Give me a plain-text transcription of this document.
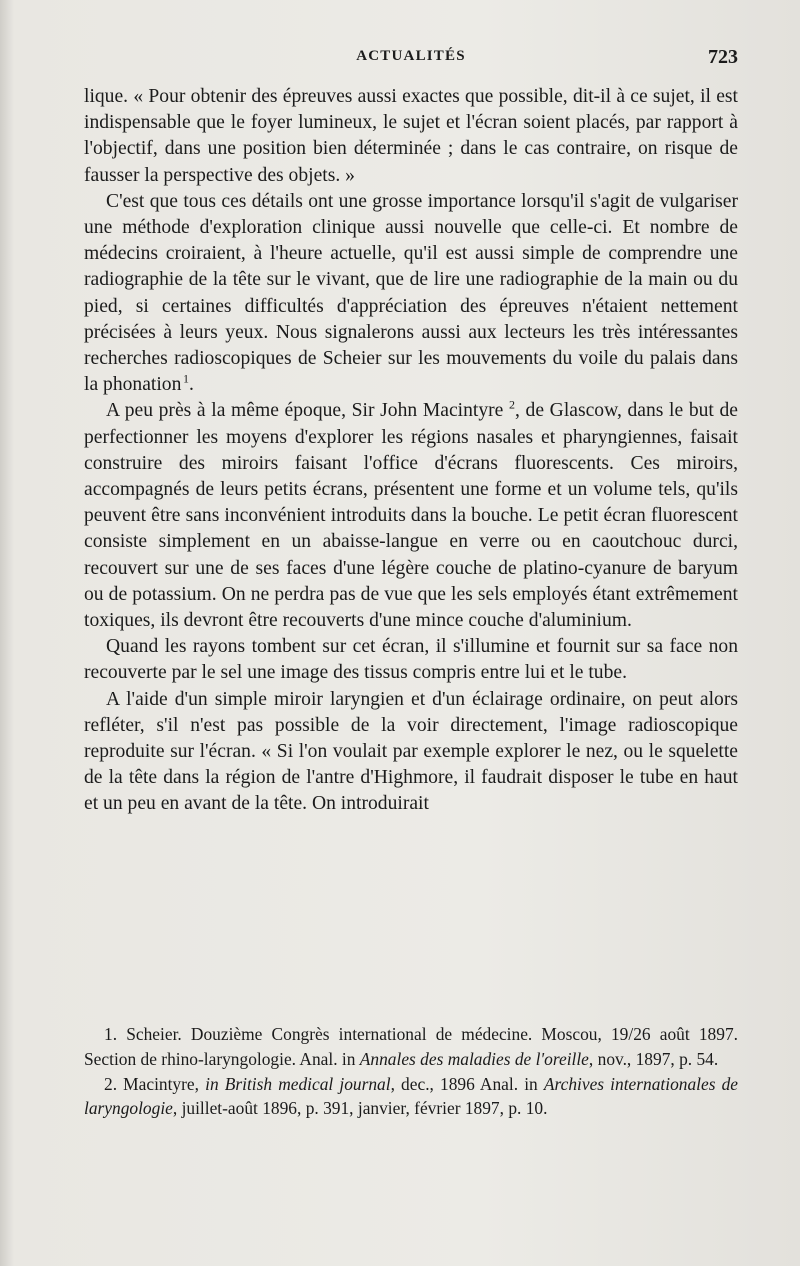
ACTUALITÉS	723

lique. « Pour obtenir des épreuves aussi exactes que possible, dit-il à ce sujet, il est indispensable que le foyer lumineux, le sujet et l'écran soient placés, par rapport à l'objectif, dans une position bien déterminée ; dans le cas contraire, on risque de fausser la perspective des objets. »

C'est que tous ces détails ont une grosse importance lorsqu'il s'agit de vulgariser une méthode d'exploration clinique aussi nouvelle que celle-ci. Et nombre de médecins croiraient, à l'heure actuelle, qu'il est aussi simple de comprendre une radiographie de la tête sur le vivant, que de lire une radiographie de la main ou du pied, si certaines difficultés d'appréciation des épreuves n'étaient nettement précisées à leurs yeux. Nous signalerons aussi aux lecteurs les très intéressantes recherches radioscopiques de Scheier sur les mouvements du voile du palais dans la phonation  $^1$.

A peu près à la même époque, Sir John Macintyre $^2$, de Glascow, dans le but de perfectionner les moyens d'explorer les régions nasales et pharyngiennes, faisait construire des miroirs faisant l'office d'écrans fluorescents. Ces miroirs, accompagnés de leurs petits écrans, présentent une forme et un volume tels, qu'ils peuvent être sans inconvénient introduits dans la bouche. Le petit écran fluorescent consiste simplement en un abaisse-langue en verre ou en caoutchouc durci, recouvert sur une de ses faces d'une légère couche de platino-cyanure de baryum ou de potassium. On ne perdra pas de vue que les sels employés étant extrêmement toxiques, ils devront être recouverts d'une mince couche d'aluminium.

Quand les rayons tombent sur cet écran, il s'illumine et fournit sur sa face non recouverte par le sel une image des tissus compris entre lui et le tube.

A l'aide d'un simple miroir laryngien et d'un éclairage ordinaire, on peut alors refléter, s'il n'est pas possible de la voir directement, l'image radioscopique reproduite sur l'écran. « Si l'on voulait par exemple explorer le nez, ou le squelette de la tête dans la région de l'antre d'Highmore, il faudrait disposer le tube en haut et un peu en avant de la tête. On introduirait

1. Scheier. Douzième Congrès international de médecine. Moscou, 19/26 août 1897. Section de rhino-laryngologie. Anal. in Annales des maladies de l'oreille, nov., 1897, p. 54.

2. Macintyre, in British medical journal, dec., 1896 Anal. in Archives internationales de laryngologie, juillet-août 1896, p. 391, janvier, février 1897, p. 10.
